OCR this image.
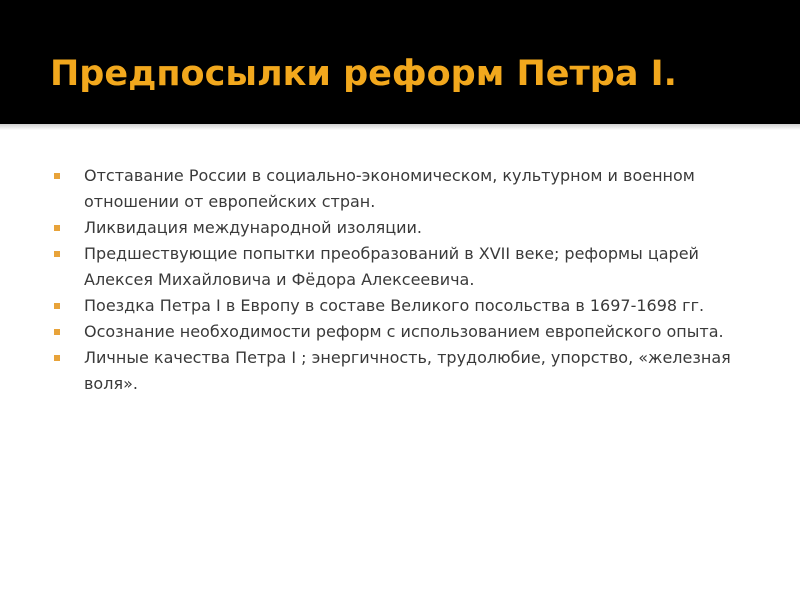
Предпосылки реформ Петра I.
Отставание России в социально-экономическом, культурном и военном отношении от европейских стран.
Ликвидация международной изоляции.
Предшествующие попытки преобразований в XVII веке; реформы царей Алексея Михайловича и Фёдора Алексеевича.
Поездка Петра I в Европу в составе Великого посольства в 1697-1698 гг.
Осознание необходимости реформ с использованием европейского опыта.
Личные качества Петра I ; энергичность, трудолюбие, упорство, «железная воля».
